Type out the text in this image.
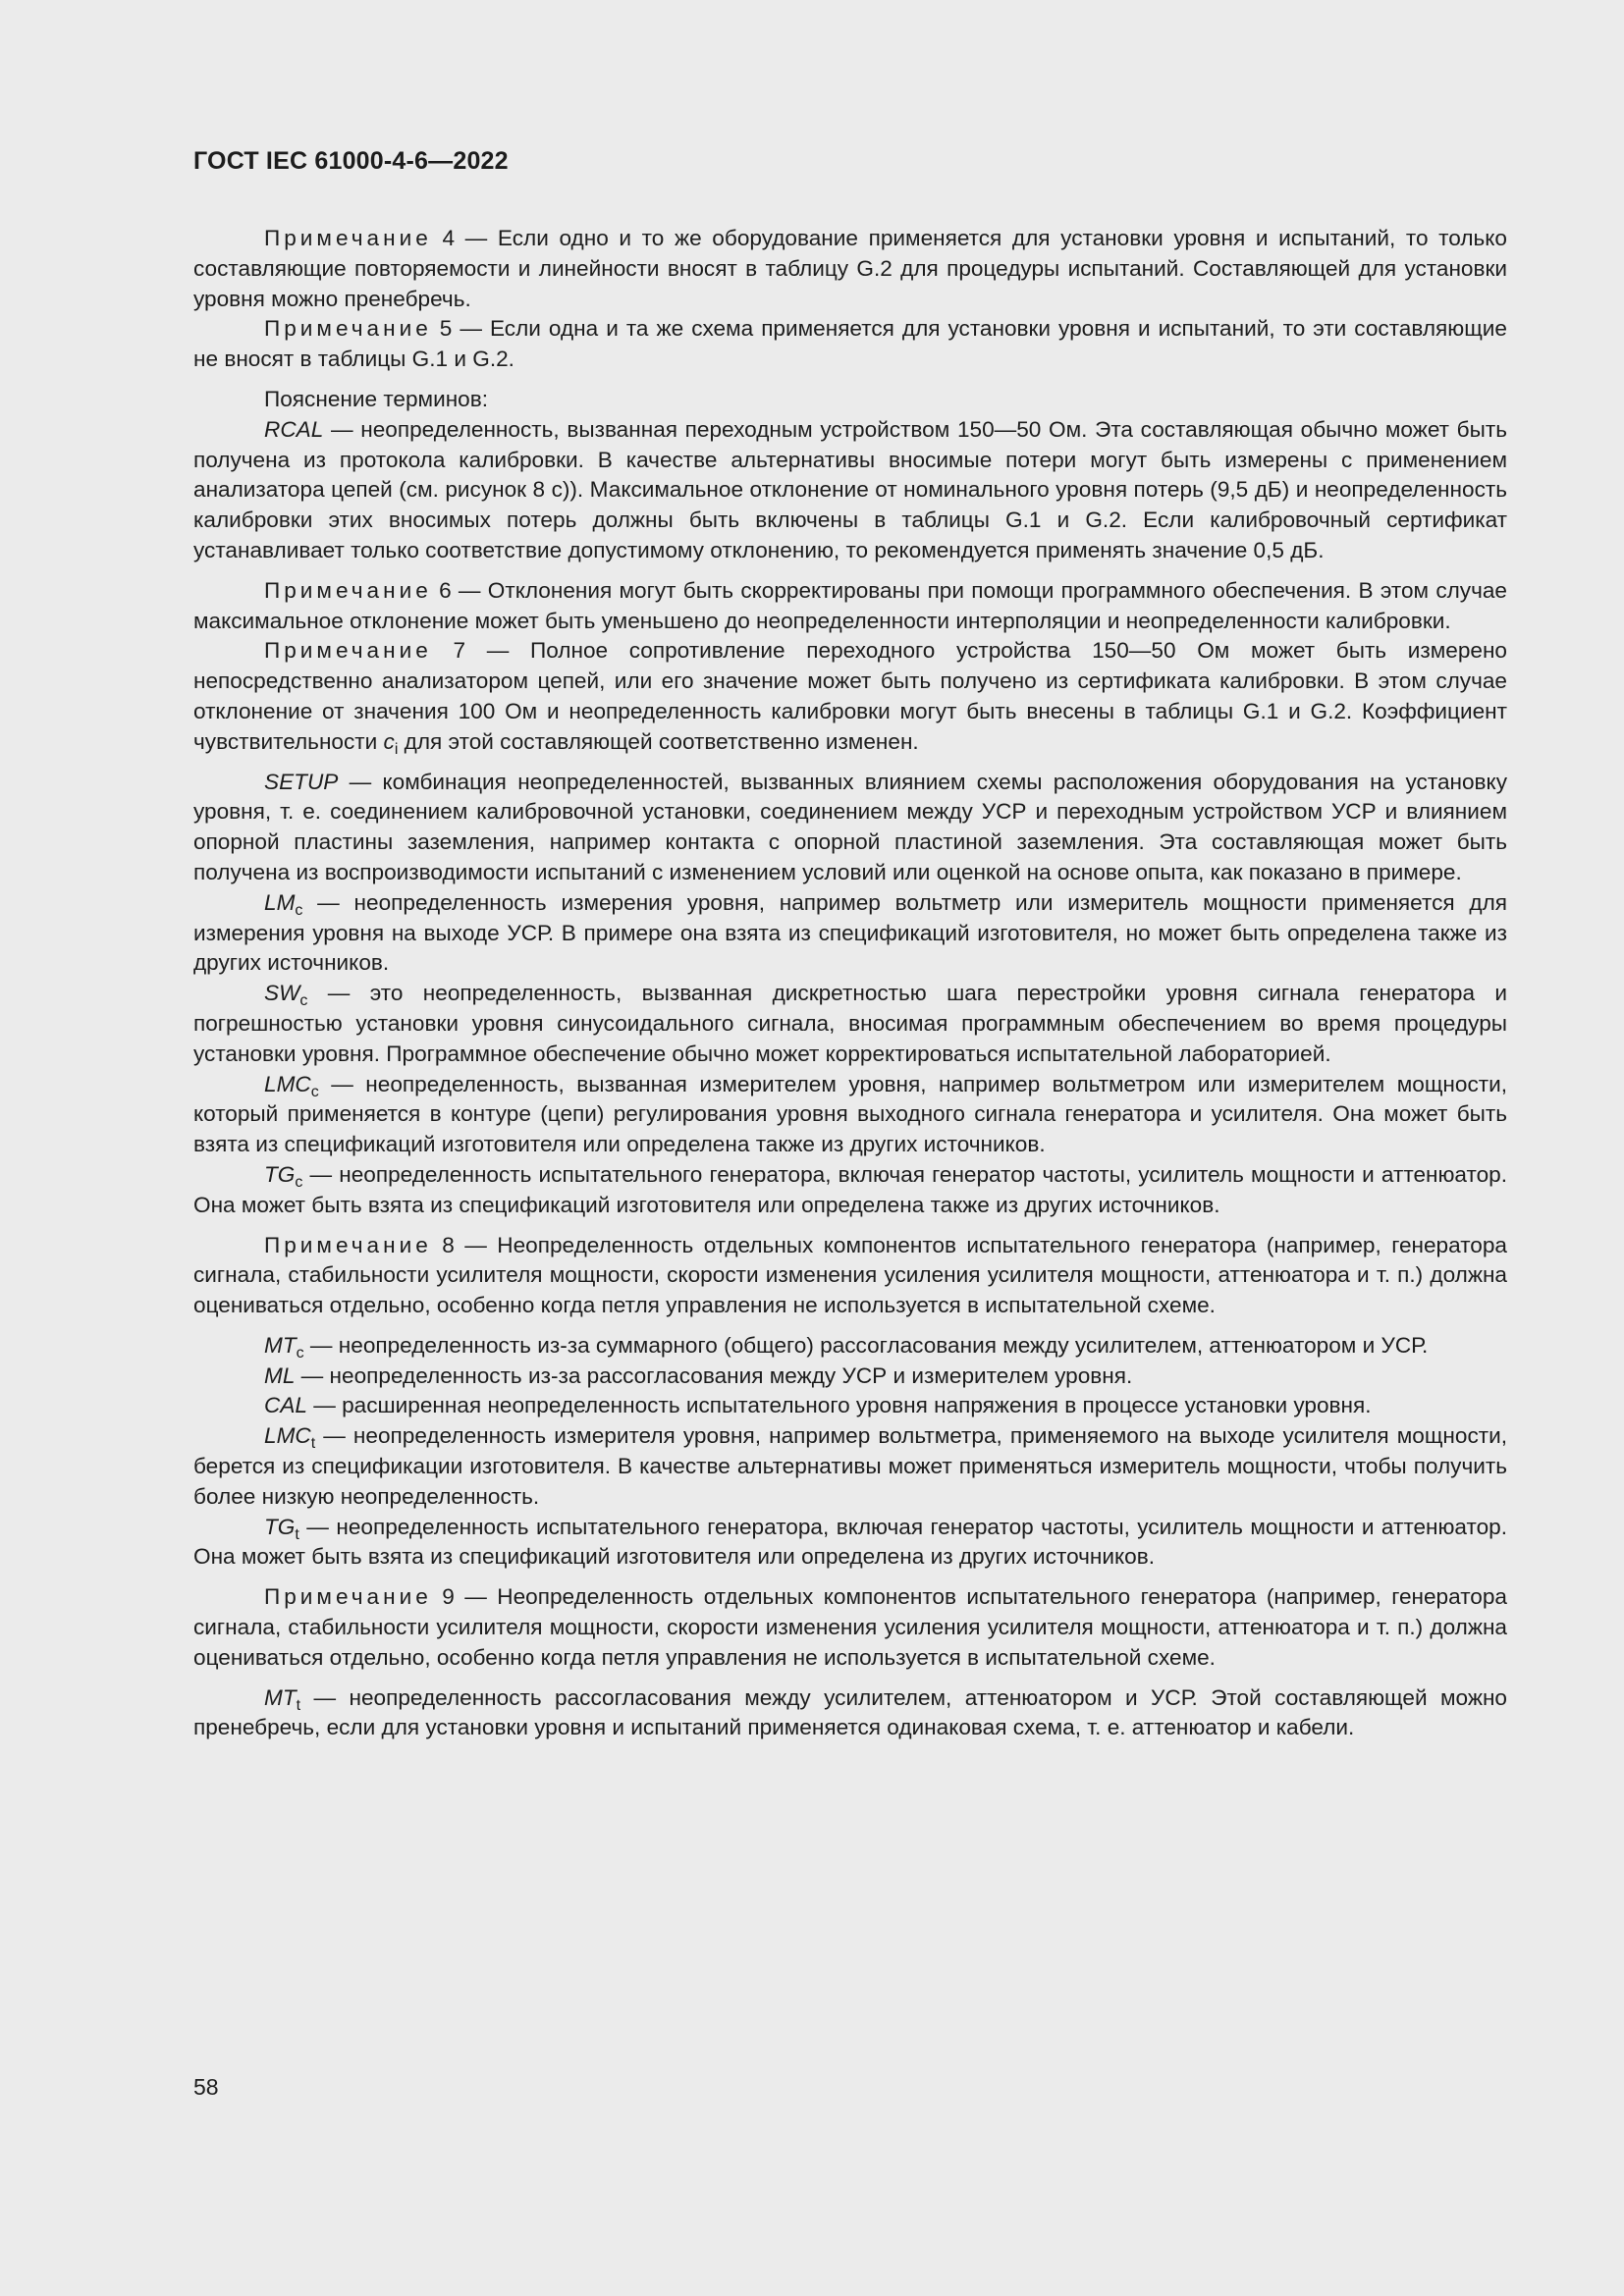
ГОСТ IEC 61000-4-6—2022

Примечание 4 — Если одно и то же оборудование применяется для установки уровня и испытаний, то только составляющие повторяемости и линейности вносят в таблицу G.2 для процедуры испытаний. Составляющей для установки уровня можно пренебречь.

Примечание 5 — Если одна и та же схема применяется для установки уровня и испытаний, то эти составляющие не вносят в таблицы G.1 и G.2.

Пояснение терминов:

RCAL — неопределенность, вызванная переходным устройством 150—50 Ом. Эта составляющая обычно может быть получена из протокола калибровки. В качестве альтернативы вносимые потери могут быть измерены с применением анализатора цепей (см. рисунок 8 c)). Максимальное отклонение от номинального уровня потерь (9,5 дБ) и неопределенность калибровки этих вносимых потерь должны быть включены в таблицы G.1 и G.2. Если калибровочный сертификат устанавливает только соответствие допустимому отклонению, то рекомендуется применять значение 0,5 дБ.

Примечание 6 — Отклонения могут быть скорректированы при помощи программного обеспечения. В этом случае максимальное отклонение может быть уменьшено до неопределенности интерполяции и неопределенности калибровки.

Примечание 7 — Полное сопротивление переходного устройства 150—50 Ом может быть измерено непосредственно анализатором цепей, или его значение может быть получено из сертификата калибровки. В этом случае отклонение от значения 100 Ом и неопределенность калибровки могут быть внесены в таблицы G.1 и G.2. Коэффициент чувствительности $c_i$ для этой составляющей соответственно изменен.

SETUP — комбинация неопределенностей, вызванных влиянием схемы расположения оборудования на установку уровня, т. е. соединением калибровочной установки, соединением между УСР и переходным устройством УСР и влиянием опорной пластины заземления, например контакта с опорной пластиной заземления. Эта составляющая может быть получена из воспроизводимости испытаний с изменением условий или оценкой на основе опыта, как показано в примере.

$LM_c$ — неопределенность измерения уровня, например вольтметр или измеритель мощности применяется для измерения уровня на выходе УСР. В примере она взята из спецификаций изготовителя, но может быть определена также из других источников.

$SW_c$ — это неопределенность, вызванная дискретностью шага перестройки уровня сигнала генератора и погрешностью установки уровня синусоидального сигнала, вносимая программным обеспечением во время процедуры установки уровня. Программное обеспечение обычно может корректироваться испытательной лабораторией.

$LMC_c$ — неопределенность, вызванная измерителем уровня, например вольтметром или измерителем мощности, который применяется в контуре (цепи) регулирования уровня выходного сигнала генератора и усилителя. Она может быть взята из спецификаций изготовителя или определена также из других источников.

$TG_c$ — неопределенность испытательного генератора, включая генератор частоты, усилитель мощности и аттенюатор. Она может быть взята из спецификаций изготовителя или определена также из других источников.

Примечание 8 — Неопределенность отдельных компонентов испытательного генератора (например, генератора сигнала, стабильности усилителя мощности, скорости изменения усиления усилителя мощности, аттенюатора и т. п.) должна оцениваться отдельно, особенно когда петля управления не используется в испытательной схеме.

$MT_c$ — неопределенность из-за суммарного (общего) рассогласования между усилителем, аттенюатором и УСР.

ML — неопределенность из-за рассогласования между УСР и измерителем уровня.

CAL — расширенная неопределенность испытательного уровня напряжения в процессе установки уровня.

$LMC_t$ — неопределенность измерителя уровня, например вольтметра, применяемого на выходе усилителя мощности, берется из спецификации изготовителя. В качестве альтернативы может применяться измеритель мощности, чтобы получить более низкую неопределенность.

$TG_t$ — неопределенность испытательного генератора, включая генератор частоты, усилитель мощности и аттенюатор. Она может быть взята из спецификаций изготовителя или определена из других источников.

Примечание 9 — Неопределенность отдельных компонентов испытательного генератора (например, генератора сигнала, стабильности усилителя мощности, скорости изменения усиления усилителя мощности, аттенюатора и т. п.) должна оцениваться отдельно, особенно когда петля управления не используется в испытательной схеме.

$MT_t$ — неопределенность рассогласования между усилителем, аттенюатором и УСР. Этой составляющей можно пренебречь, если для установки уровня и испытаний применяется одинаковая схема, т. е. аттенюатор и кабели.

58
